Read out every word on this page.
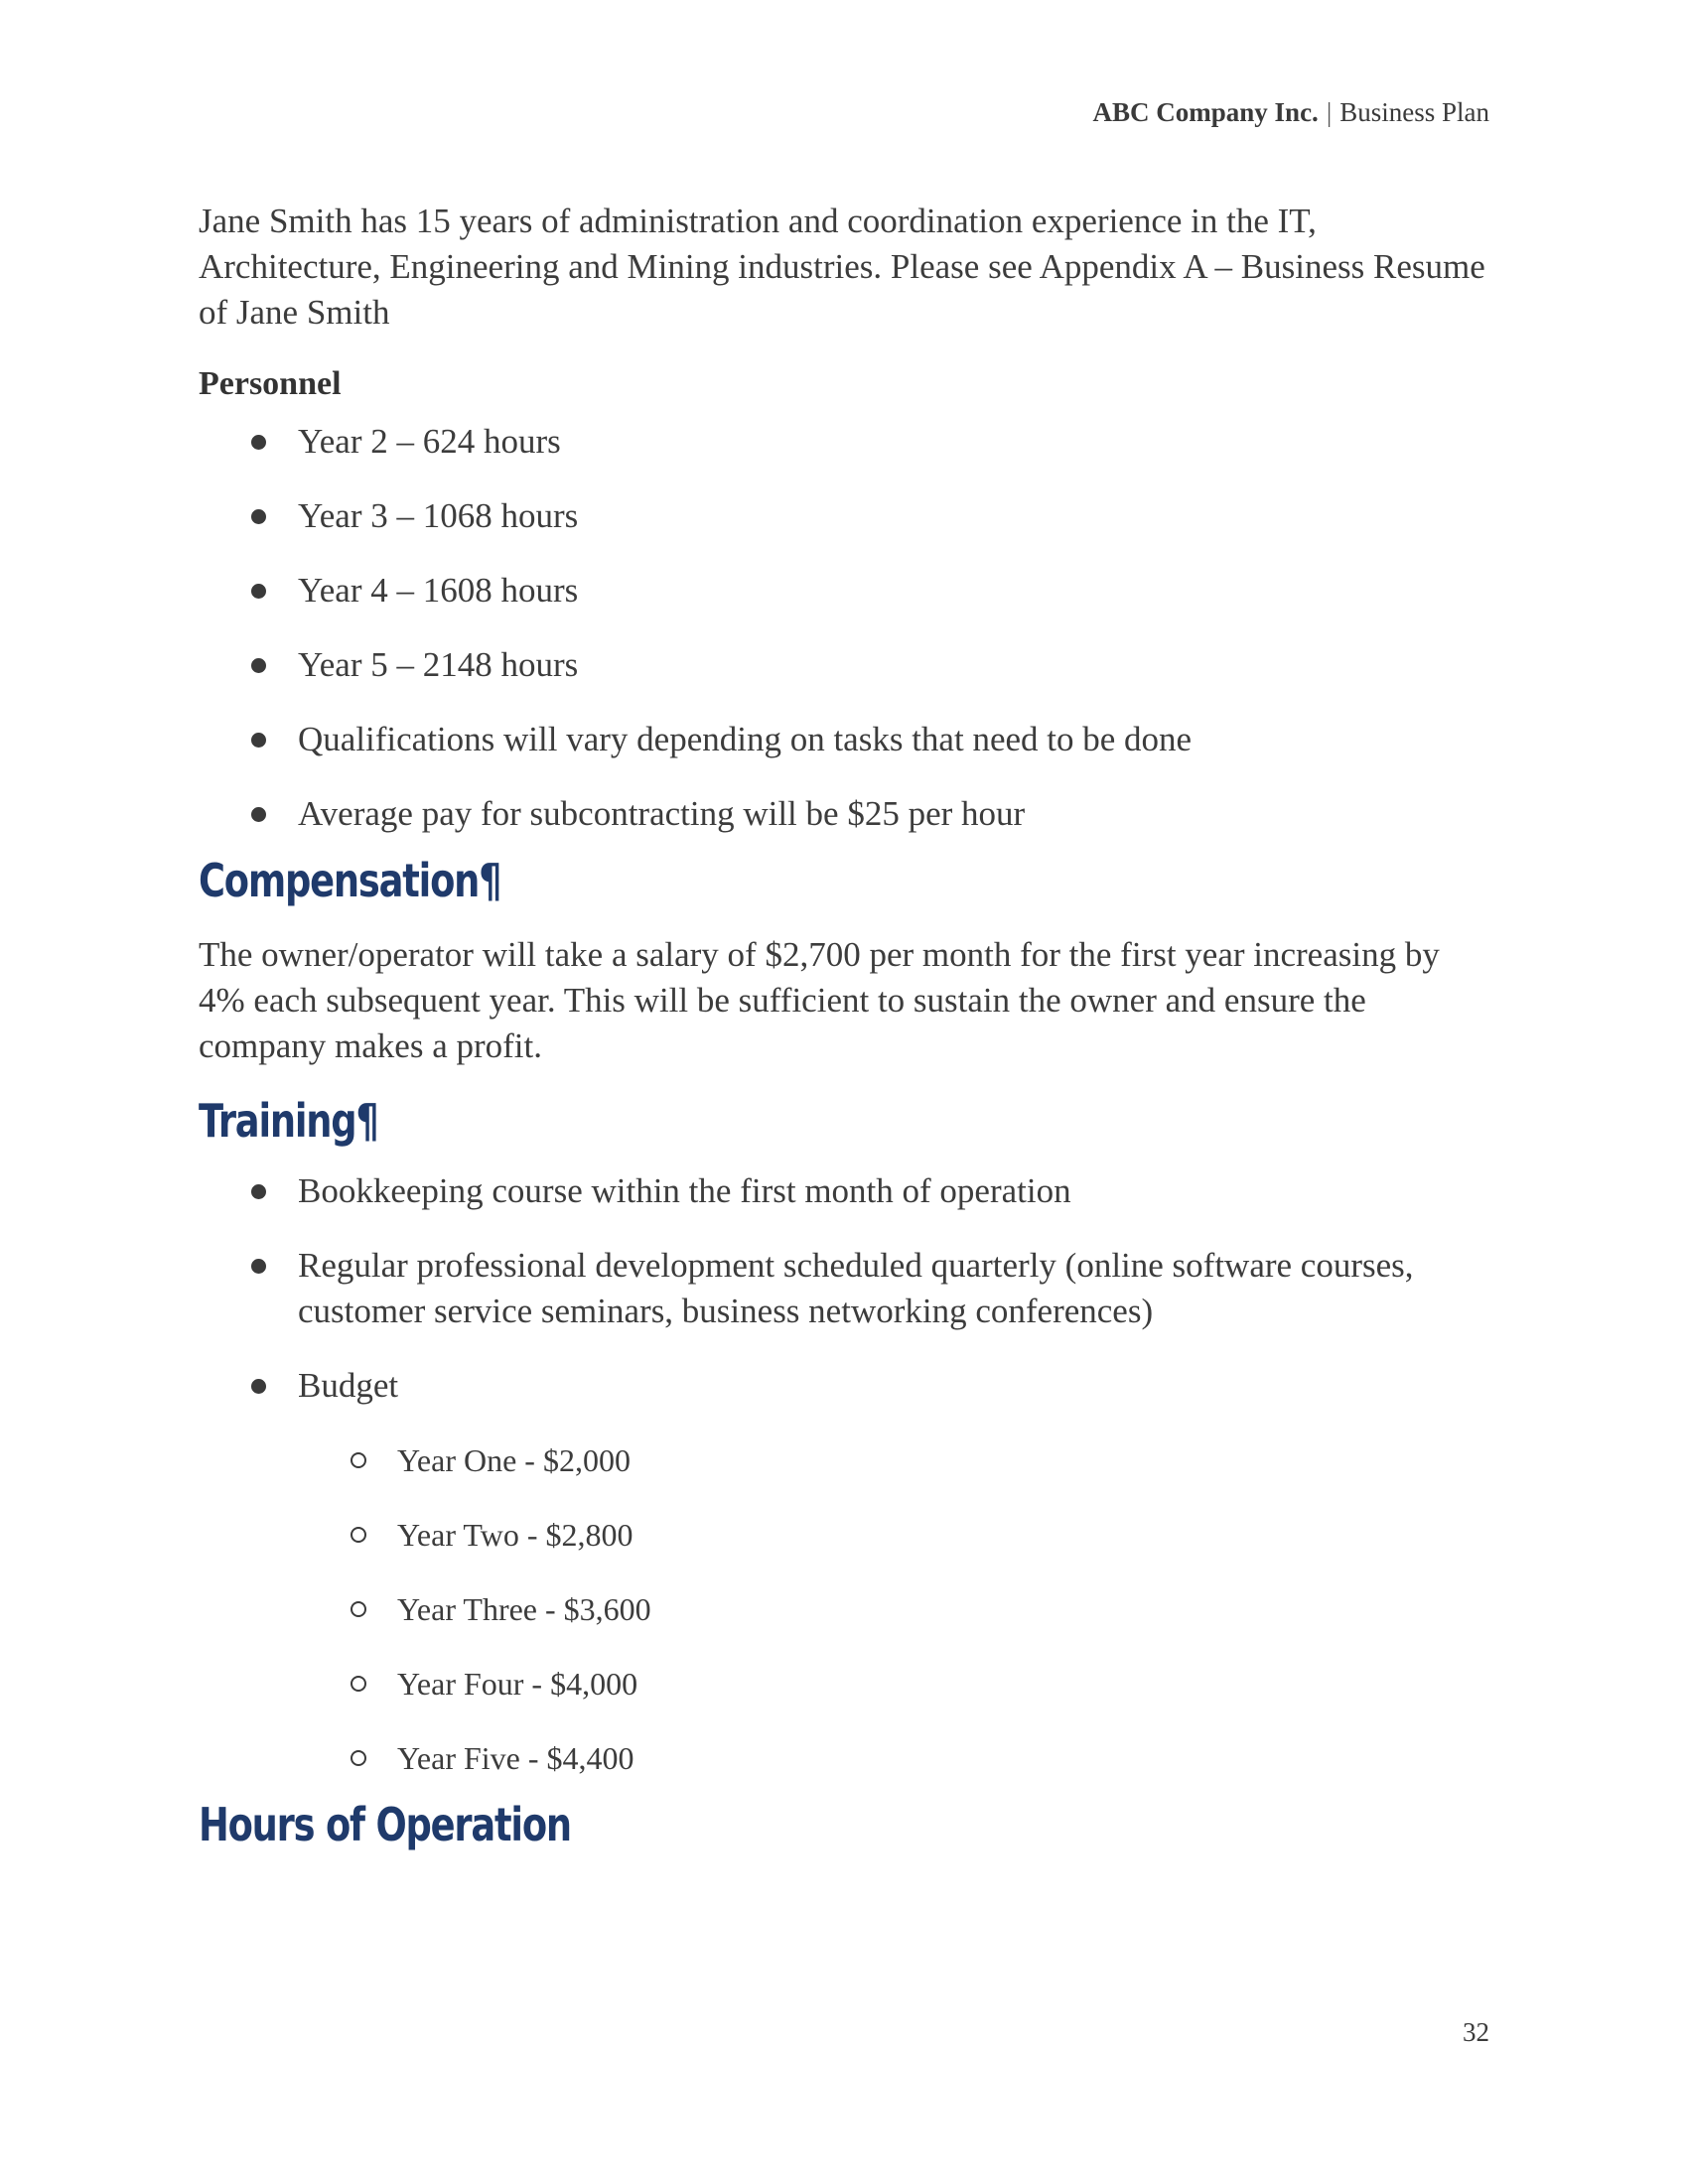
ABC Company Inc. | Business Plan

Jane Smith has 15 years of administration and coordination experience in the IT, Architecture, Engineering and Mining industries. Please see Appendix A – Business Resume of Jane Smith

Personnel
Year 2 – 624 hours
Year 3 – 1068 hours
Year 4 – 1608 hours
Year 5 – 2148 hours
Qualifications will vary depending on tasks that need to be done
Average pay for subcontracting will be $25 per hour
Compensation¶

The owner/operator will take a salary of $2,700 per month for the first year increasing by 4% each subsequent year. This will be sufficient to sustain the owner and ensure the company makes a profit.

Training¶
Bookkeeping course within the first month of operation
Regular professional development scheduled quarterly (online software courses, customer service seminars, business networking conferences)
Budget
Year One - $2,000
Year Two - $2,800
Year Three - $3,600
Year Four - $4,000
Year Five - $4,400
Hours of Operation
32
